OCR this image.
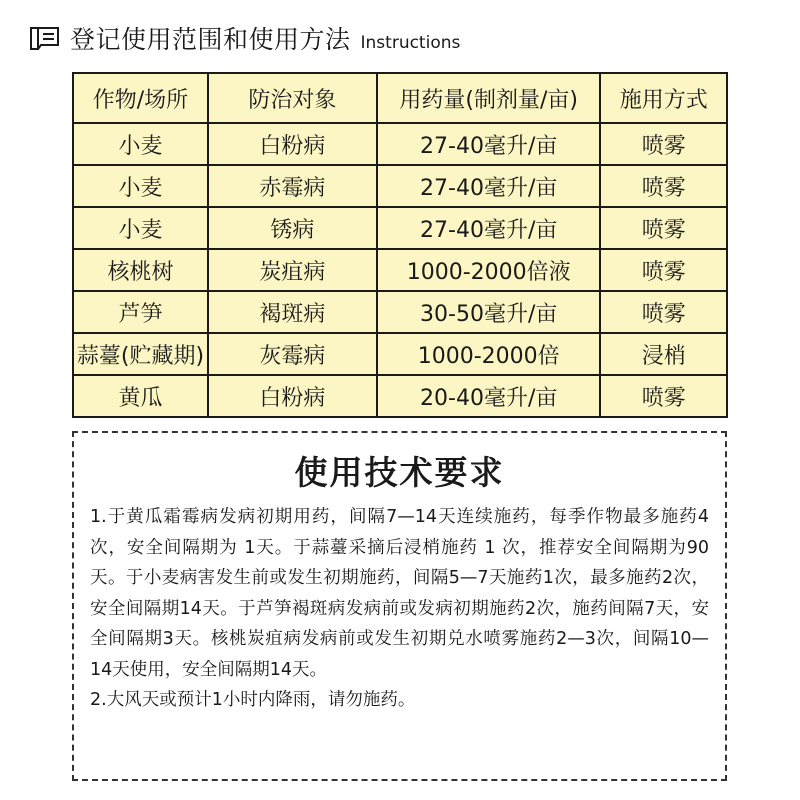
登记使用范围和使用方法 Instructions
作物/场所	防治对象	用药量(制剂量/亩)	施用方式
小麦	白粉病	27-40毫升/亩	喷雾
小麦	赤霉病	27-40毫升/亩	喷雾
小麦	锈病	27-40毫升/亩	喷雾
核桃树	炭疽病	1000-2000倍液	喷雾
芦笋	褐斑病	30-50毫升/亩	喷雾
蒜薹(贮藏期)	灰霉病	1000-2000倍	浸梢
黄瓜	白粉病	20-40毫升/亩	喷雾
使用技术要求

1.于黄瓜霜霉病发病初期用药，间隔7—14天连续施药，每季作物最多施药4次，安全间隔期为 1天。于蒜薹采摘后浸梢施药 1 次，推荐安全间隔期为90 天。于小麦病害发生前或发生初期施药，间隔5—7天施药1次，最多施药2次，安全间隔期14天。于芦笋褐斑病发病前或发病初期施药2次，施药间隔7天，安全间隔期3天。核桃炭疽病发病前或发生初期兑水喷雾施药2—3次，间隔10—14天使用，安全间隔期14天。

2.大风天或预计1小时内降雨，请勿施药。
